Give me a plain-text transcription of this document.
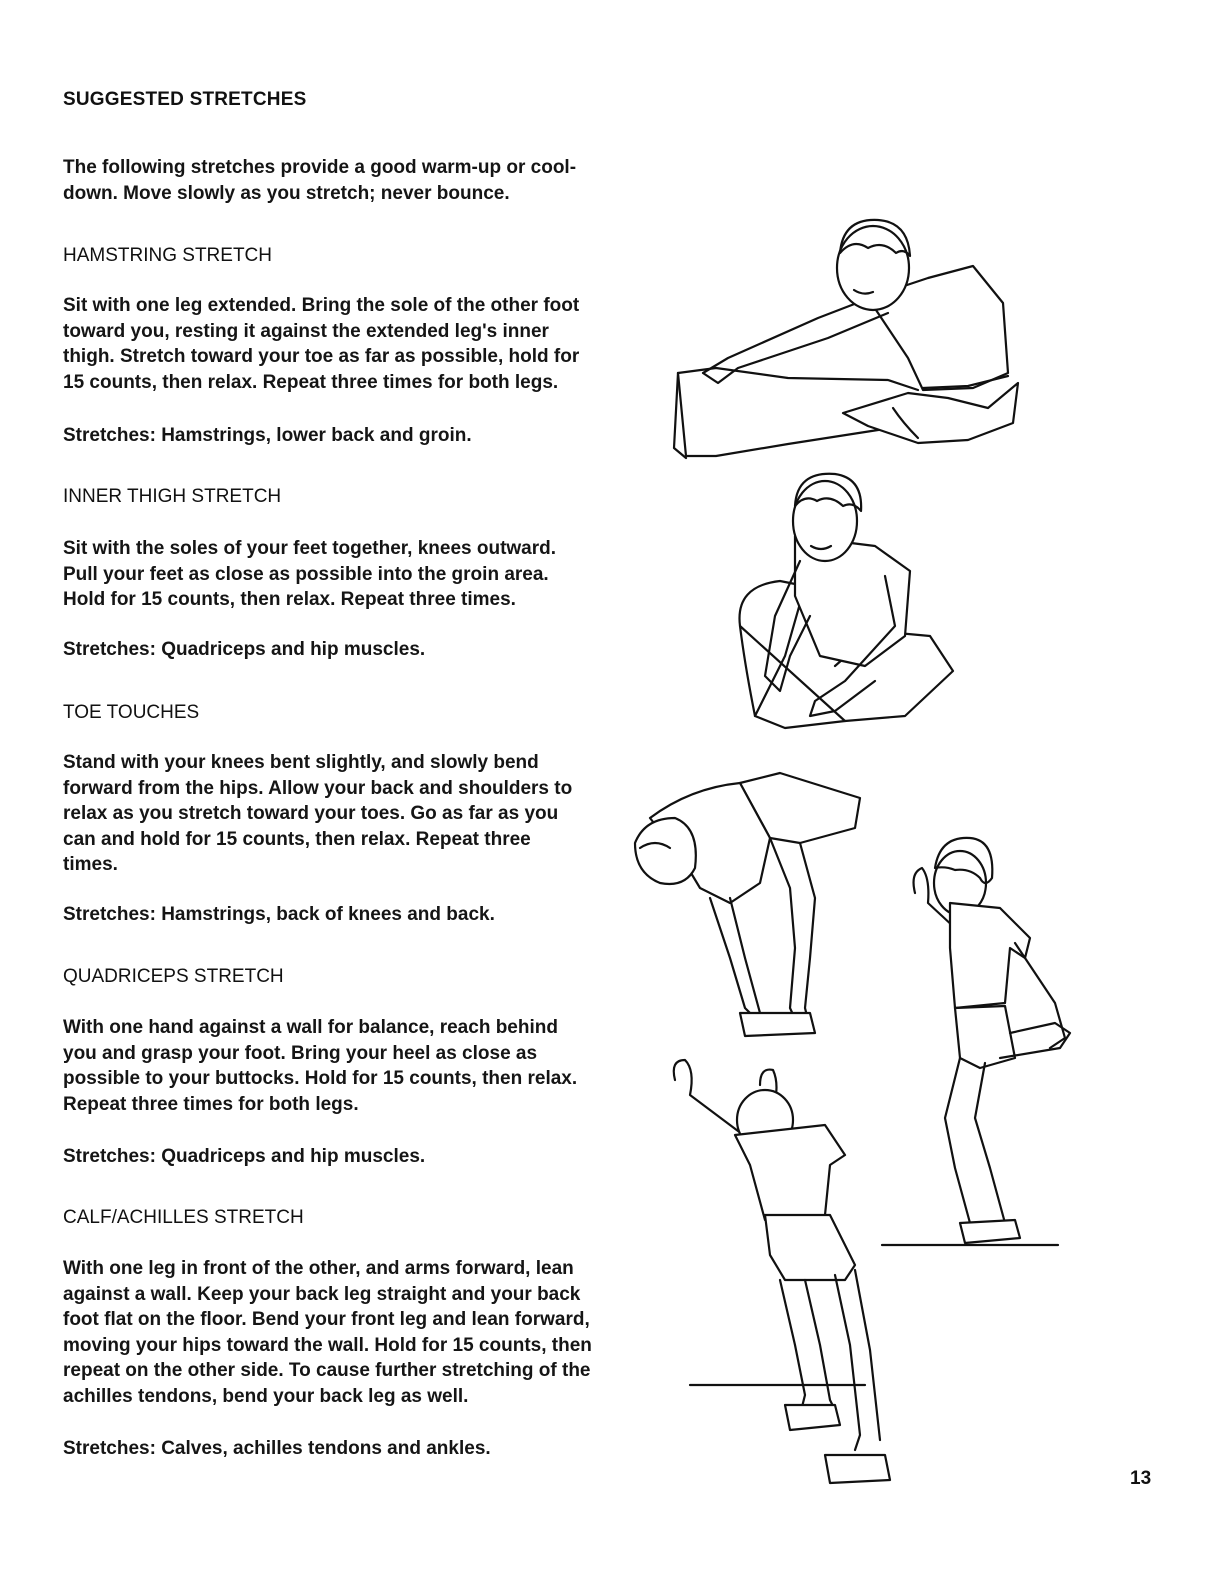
SUGGESTED STRETCHES

The following stretches provide a good warm-up or cool-

down. Move slowly as you stretch; never bounce.

HAMSTRING STRETCH

Sit with one leg extended. Bring the sole of the other foot

toward you, resting it against the extended leg's inner

thigh. Stretch toward your toe as far as possible, hold for

15 counts, then relax. Repeat three times for both legs.

Stretches: Hamstrings, lower back and groin.

INNER THIGH STRETCH

Sit with the soles of your feet together, knees outward.

Pull your feet as close as possible into the groin area.

Hold for 15 counts, then relax. Repeat three times.

Stretches: Quadriceps and hip muscles.

TOE TOUCHES

Stand with your knees bent slightly, and slowly bend

forward from the hips. Allow your back and shoulders to

relax as you stretch toward your toes. Go as far as you

can and hold for 15 counts, then relax. Repeat three

times.

Stretches: Hamstrings, back of knees and back.

QUADRICEPS STRETCH

With one hand against a wall for balance, reach behind

you and grasp your foot. Bring your heel as close as

possible to your buttocks. Hold for 15 counts, then relax.

Repeat three times for both legs.

Stretches: Quadriceps and hip muscles.

CALF/ACHILLES STRETCH

With one leg in front of the other, and arms forward, lean

against a wall. Keep your back leg straight and your back

foot flat on the floor. Bend your front leg and lean forward,

moving your hips toward the wall. Hold for 15 counts, then

repeat on the other side. To cause further stretching of the

achilles tendons, bend your back leg as well.

Stretches: Calves, achilles tendons and ankles.

13
